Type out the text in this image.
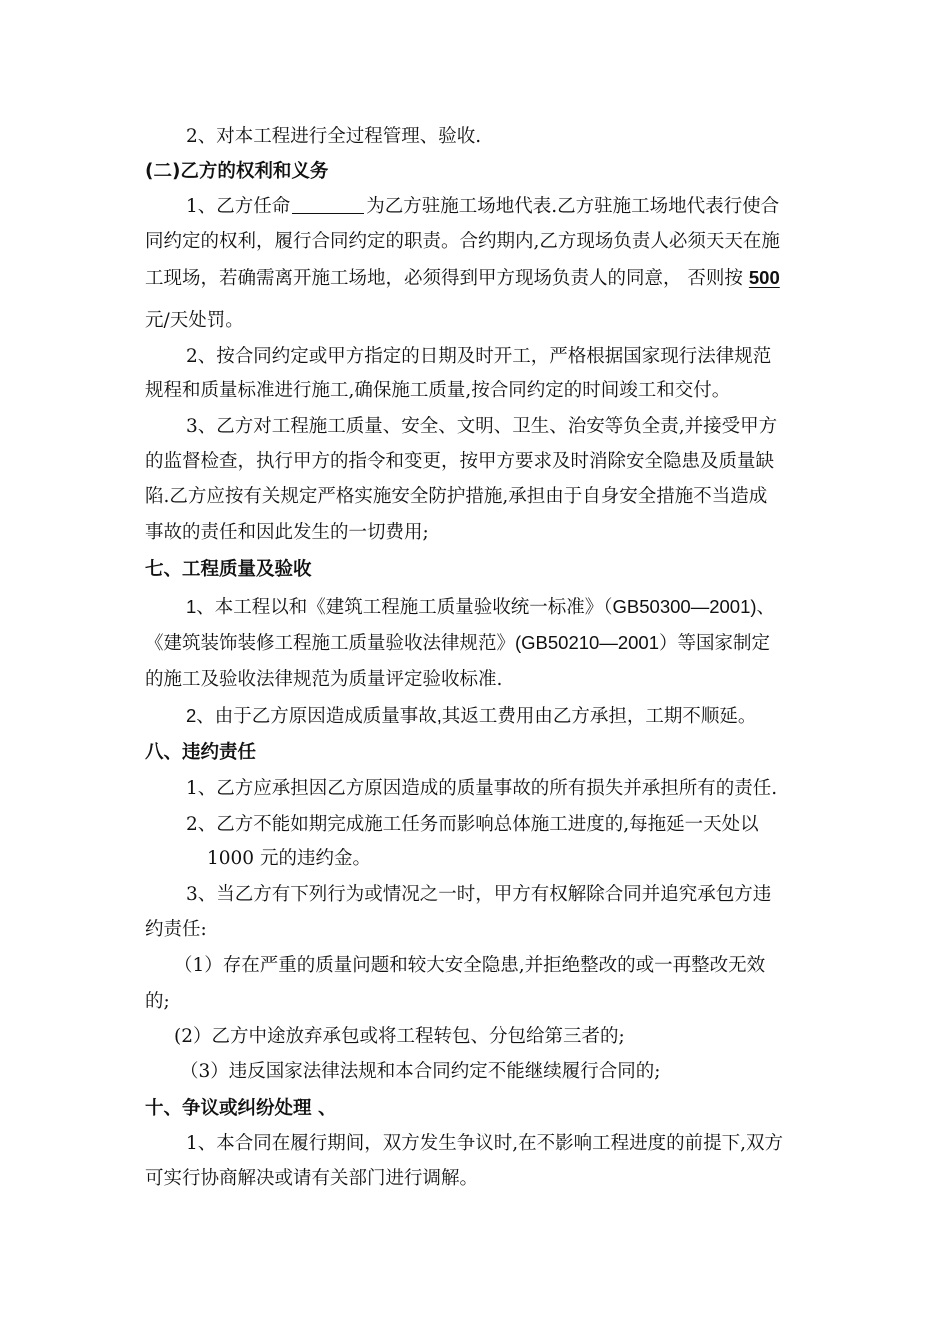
2、对本工程进行全过程管理、验收.
(二)乙方的权利和义务
1、乙方任命	为乙方驻施工场地代表.乙方驻施工场地代表行使合
同约定的权利，履行合同约定的职责。合约期内,乙方现场负责人必须天天在施
工现场，若确需离开施工场地，必须得到甲方现场负责人的同意， 否则按 500
元/天处罚。
2、按合同约定或甲方指定的日期及时开工，严格根据国家现行法律规范
规程和质量标准进行施工,确保施工质量,按合同约定的时间竣工和交付。
3、乙方对工程施工质量、安全、文明、卫生、治安等负全责,并接受甲方
的监督检查，执行甲方的指令和变更，按甲方要求及时消除安全隐患及质量缺
陷.乙方应按有关规定严格实施安全防护措施,承担由于自身安全措施不当造成
事故的责任和因此发生的一切费用;
七、工程质量及验收
1、本工程以和《建筑工程施工质量验收统一标准》（GB50300—2001)、
《建筑装饰装修工程施工质量验收法律规范》(GB50210—2001）等国家制定
的施工及验收法律规范为质量评定验收标准.
2、由于乙方原因造成质量事故,其返工费用由乙方承担，工期不顺延。
八、违约责任
1、乙方应承担因乙方原因造成的质量事故的所有损失并承担所有的责任.
2、乙方不能如期完成施工任务而影响总体施工进度的,每拖延一天处以
1000 元的违约金。
3、当乙方有下列行为或情况之一时，甲方有权解除合同并追究承包方违
约责任:
（1）存在严重的质量问题和较大安全隐患,并拒绝整改的或一再整改无效
的;
(2）乙方中途放弃承包或将工程转包、分包给第三者的;
（3）违反国家法律法规和本合同约定不能继续履行合同的;
十、争议或纠纷处理 、
1、本合同在履行期间，双方发生争议时,在不影响工程进度的前提下,双方
可实行协商解决或请有关部门进行调解。
